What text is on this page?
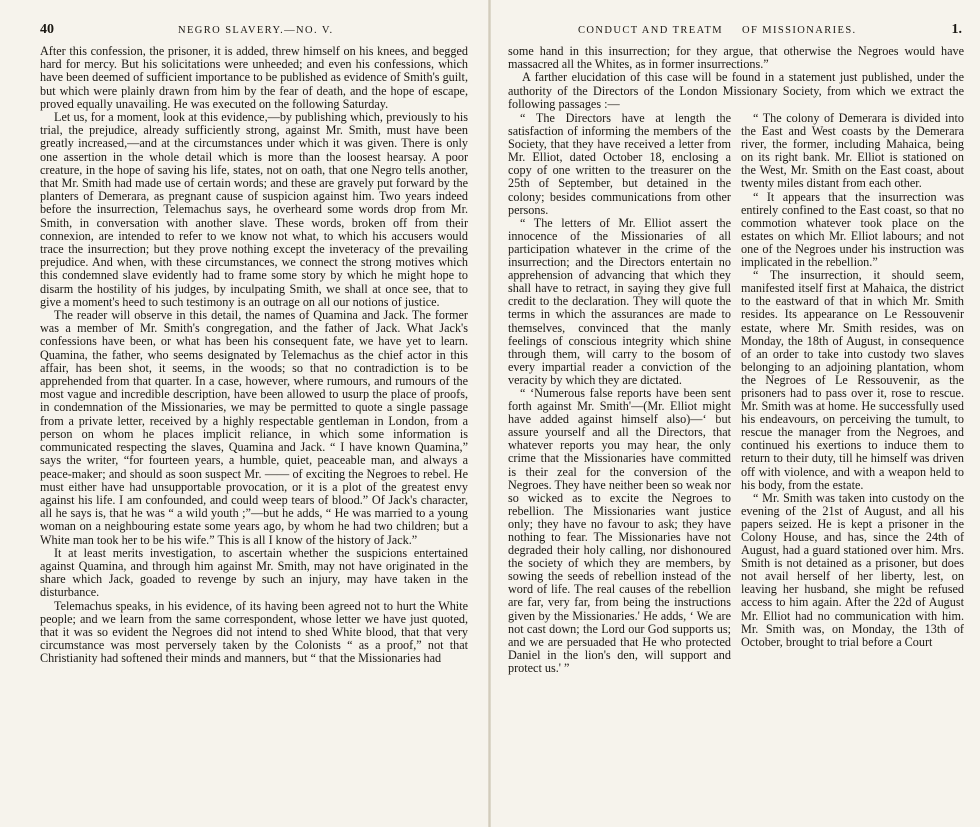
40	NEGRO SLAVERY.—NO. V.

After this confession, the prisoner, it is added, threw himself on his knees, and begged hard for mercy. But his solicitations were unheeded; and even his confessions, which have been deemed of sufficient importance to be published as evidence of Smith's guilt, but which were plainly drawn from him by the fear of death, and the hope of escape, proved equally unavailing. He was executed on the following Saturday.

Let us, for a moment, look at this evidence,—by publishing which, previously to his trial, the prejudice, already sufficiently strong, against Mr. Smith, must have been greatly increased,—and at the circumstances under which it was given. There is only one assertion in the whole detail which is more than the loosest hearsay. A poor creature, in the hope of saving his life, states, not on oath, that one Negro tells another, that Mr. Smith had made use of certain words; and these are gravely put forward by the planters of Demerara, as pregnant cause of suspicion against him. Two years indeed before the insurrection, Telemachus says, he overheard some words drop from Mr. Smith, in conversation with another slave. These words, broken off from their connexion, are intended to refer to we know not what, to which his accusers would trace the insurrection; but they prove nothing except the inveteracy of the prevailing prejudice. And when, with these circumstances, we connect the strong motives which this condemned slave evidently had to frame some story by which he might hope to disarm the hostility of his judges, by inculpating Smith, we shall at once see, that to give a moment's heed to such testimony is an outrage on all our notions of justice.

The reader will observe in this detail, the names of Quamina and Jack. The former was a member of Mr. Smith's congregation, and the father of Jack. What Jack's confessions have been, or what has been his consequent fate, we have yet to learn. Quamina, the father, who seems designated by Telemachus as the chief actor in this affair, has been shot, it seems, in the woods; so that no contradiction is to be apprehended from that quarter. In a case, however, where rumours, and rumours of the most vague and incredible description, have been allowed to usurp the place of proofs, in condemnation of the Missionaries, we may be permitted to quote a single passage from a private letter, received by a highly respectable gentleman in London, from a person on whom he places implicit reliance, in which some information is communicated respecting the slaves, Quamina and Jack. “ I have known Quamina,” says the writer, “for fourteen years, a humble, quiet, peaceable man, and always a peace-maker; and should as soon suspect Mr. —— of exciting the Negroes to rebel. He must either have had unsupportable provocation, or it is a plot of the greatest envy against his life. I am confounded, and could weep tears of blood.” Of Jack's character, all he says is, that he was “ a wild youth ;”—but he adds, “ He was married to a young woman on a neighbouring estate some years ago, by whom he had two children; but a White man took her to be his wife.” This is all I know of the history of Jack.”

It at least merits investigation, to ascertain whether the suspicions entertained against Quamina, and through him against Mr. Smith, may not have originated in the share which Jack, goaded to revenge by such an injury, may have taken in the disturbance.

Telemachus speaks, in his evidence, of its having been agreed not to hurt the White people; and we learn from the same correspondent, whose letter we have just quoted, that it was so evident the Negroes did not intend to shed White blood, that that very circumstance was most perversely taken by the Colonists “ as a proof,” not that Christianity had softened their minds and manners, but “ that the Missionaries had

CONDUCT AND TREATM OF MISSIONARIES.	1.

some hand in this insurrection; for they argue, that otherwise the Negroes would have massacred all the Whites, as in former insurrections.”

A farther elucidation of this case will be found in a statement just published, under the authority of the Directors of the London Missionary Society, from which we extract the following passages :—

“ The Directors have at length the satisfaction of informing the members of the Society, that they have received a letter from Mr. Elliot, dated October 18, enclosing a copy of one written to the treasurer on the 25th of September, but detained in the colony; besides communications from other persons.

“ The letters of Mr. Elliot assert the innocence of the Missionaries of all participation whatever in the crime of the insurrection; and the Directors entertain no apprehension of advancing that which they shall have to retract, in saying they give full credit to the declaration. They will quote the terms in which the assurances are made to themselves, convinced that the manly feelings of conscious integrity which shine through them, will carry to the bosom of every impartial reader a conviction of the veracity by which they are dictated.

“ ‘Numerous false reports have been sent forth against Mr. Smith'—(Mr. Elliot might have added against himself also)—‘ but assure yourself and all the Directors, that whatever reports you may hear, the only crime that the Missionaries have committed is their zeal for the conversion of the Negroes. They have neither been so weak nor so wicked as to excite the Negroes to rebellion. The Missionaries want justice only; they have no favour to ask; they have nothing to fear. The Missionaries have not degraded their holy calling, nor dishonoured the society of which they are members, by sowing the seeds of rebellion instead of the word of life. The real causes of the rebellion are far, very far, from being the instructions given by the Missionaries.' He adds, ‘ We are not cast down; the Lord our God supports us; and we are persuaded that He who protected Daniel in the lion's den, will support and protect us.' ”

“ The colony of Demerara is divided into the East and West coasts by the Demerara river, the former, including Mahaica, being on its right bank. Mr. Elliot is stationed on the West, Mr. Smith on the East coast, about twenty miles distant from each other.

“ It appears that the insurrection was entirely confined to the East coast, so that no commotion whatever took place on the estates on which Mr. Elliot labours; and not one of the Negroes under his instruction was implicated in the rebellion.”

“ The insurrection, it should seem, manifested itself first at Mahaica, the district to the eastward of that in which Mr. Smith resides. Its appearance on Le Ressouvenir estate, where Mr. Smith resides, was on Monday, the 18th of August, in consequence of an order to take into custody two slaves belonging to an adjoining plantation, whom the Negroes of Le Ressouvenir, as the prisoners had to pass over it, rose to rescue. Mr. Smith was at home. He successfully used his endeavours, on perceiving the tumult, to rescue the manager from the Negroes, and continued his exertions to induce them to return to their duty, till he himself was driven off with violence, and with a weapon held to his body, from the estate.

“ Mr. Smith was taken into custody on the evening of the 21st of August, and all his papers seized. He is kept a prisoner in the Colony House, and has, since the 24th of August, had a guard stationed over him. Mrs. Smith is not detained as a prisoner, but does not avail herself of her liberty, lest, on leaving her husband, she might be refused access to him again. After the 22d of August Mr. Elliot had no communication with him. Mr. Smith was, on Monday, the 13th of October, brought to trial before a Court
